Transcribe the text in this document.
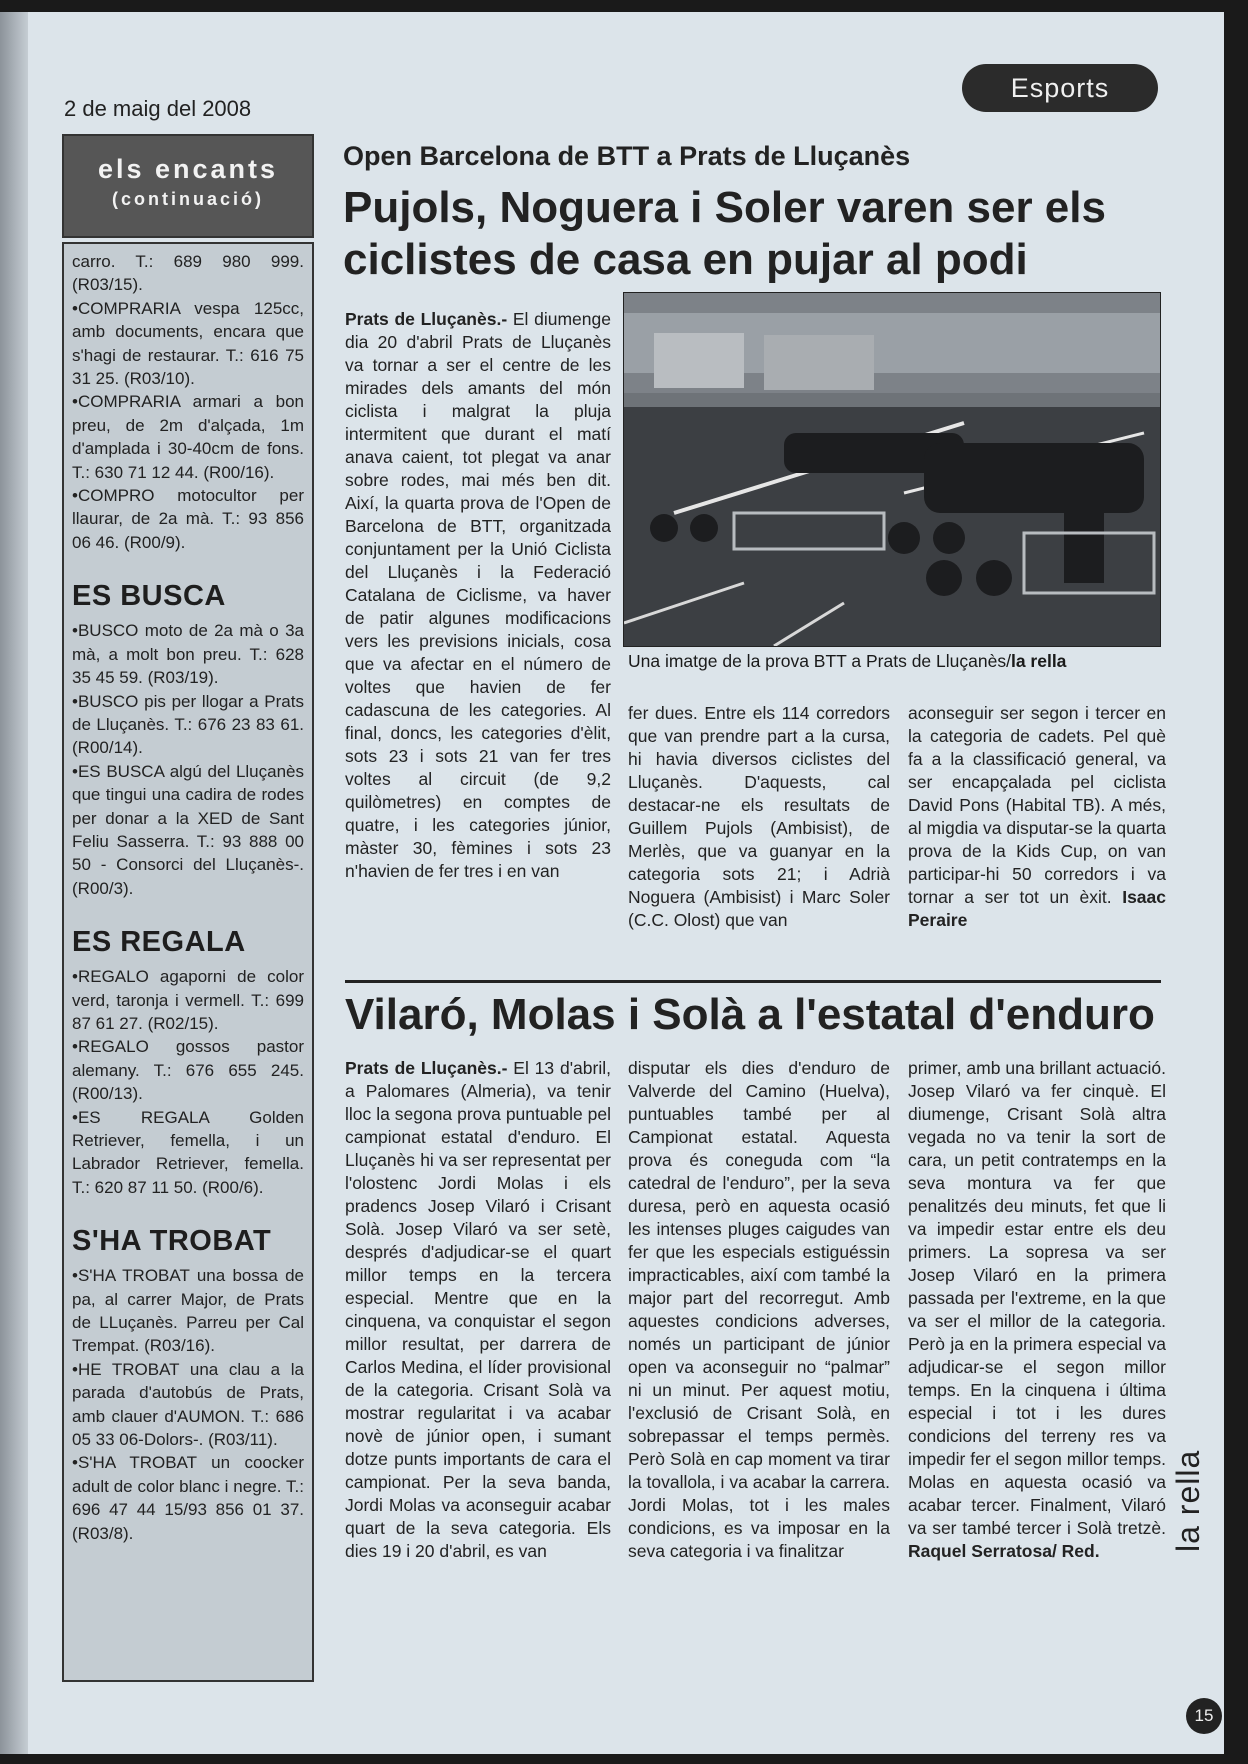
2 de maig del 2008
Esports
els encants
(continuació)

carro. T.: 689 980 999. (R03/15).

•COMPRARIA vespa 125cc, amb documents, encara que s'hagi de restaurar. T.: 616 75 31 25. (R03/10).

•COMPRARIA armari a bon preu, de 2m d'alçada, 1m d'amplada i 30-40cm de fons. T.: 630 71 12 44. (R00/16).

•COMPRO motocultor per llaurar, de 2a mà. T.: 93 856 06 46. (R00/9).

ES BUSCA

•BUSCO moto de 2a mà o 3a mà, a molt bon preu. T.: 628 35 45 59. (R03/19).

•BUSCO pis per llogar a Prats de Lluçanès. T.: 676 23 83 61. (R00/14).

•ES BUSCA algú del Lluçanès que tingui una cadira de rodes per donar a la XED de Sant Feliu Sasserra. T.: 93 888 00 50 - Consorci del Lluçanès-. (R00/3).

ES REGALA

•REGALO agaporni de color verd, taronja i vermell. T.: 699 87 61 27. (R02/15).

•REGALO gossos pastor alemany. T.: 676 655 245. (R00/13).

•ES REGALA Golden Retriever, femella, i un Labrador Retriever, femella. T.: 620 87 11 50. (R00/6).

S'HA TROBAT

•S'HA TROBAT una bossa de pa, al carrer Major, de Prats de LLuçanès. Parreu per Cal Trempat. (R03/16).

•HE TROBAT una clau a la parada d'autobús de Prats, amb clauer d'AUMON. T.: 686 05 33 06-Dolors-. (R03/11).

•S'HA TROBAT un coocker adult de color blanc i negre. T.: 696 47 44 15/93 856 01 37. (R03/8).

Open Barcelona de BTT a Prats de Lluçanès
Pujols, Noguera i Soler varen ser els ciclistes de casa en pujar al podi
Prats de Lluçanès.- El diumenge dia 20 d'abril Prats de Lluçanès va tornar a ser el centre de les mirades dels amants del món ciclista i malgrat la pluja intermitent que durant el matí anava caient, tot plegat va anar sobre rodes, mai més ben dit. Així, la quarta prova de l'Open de Barcelona de BTT, organitzada conjuntament per la Unió Ciclista del Lluçanès i la Federació Catalana de Ciclisme, va haver de patir algunes modificacions vers les previsions inicials, cosa que va afectar en el número de voltes que havien de fer cadascuna de les categories. Al final, doncs, les categories d'èlit, sots 23 i sots 21 van fer tres voltes al circuit (de 9,2 quilòmetres) en comptes de quatre, i les categories júnior, màster 30, fèmines i sots 23 n'havien de fer tres i en van
Una imatge de la prova BTT a Prats de Lluçanès/la rella
fer dues. Entre els 114 corredors que van prendre part a la cursa, hi havia diversos ciclistes del Lluçanès. D'aquests, cal destacar-ne els resultats de Guillem Pujols (Ambisist), de Merlès, que va guanyar en la categoria sots 21; i Adrià Noguera (Ambisist) i Marc Soler (C.C. Olost) que van
aconseguir ser segon i tercer en la categoria de cadets. Pel què fa a la classificació general, va ser encapçalada pel ciclista David Pons (Habital TB). A més, al migdia va disputar-se la quarta prova de la Kids Cup, on van participar-hi 50 corredors i va tornar a ser tot un èxit. Isaac Peraire
Vilaró, Molas i Solà a l'estatal d'enduro
Prats de Lluçanès.- El 13 d'abril, a Palomares (Almeria), va tenir lloc la segona prova puntuable pel campionat estatal d'enduro. El Lluçanès hi va ser representat per l'olostenc Jordi Molas i els pradencs Josep Vilaró i Crisant Solà. Josep Vilaró va ser setè, després d'adjudicar-se el quart millor temps en la tercera especial. Mentre que en la cinquena, va conquistar el segon millor resultat, per darrera de Carlos Medina, el líder provisional de la categoria. Crisant Solà va mostrar regularitat i va acabar novè de júnior open, i sumant dotze punts importants de cara el campionat. Per la seva banda, Jordi Molas va aconseguir acabar quart de la seva categoria. Els dies 19 i 20 d'abril, es van
disputar els dies d'enduro de Valverde del Camino (Huelva), puntuables també per al Campionat estatal. Aquesta prova és coneguda com “la catedral de l'enduro”, per la seva duresa, però en aquesta ocasió les intenses pluges caigudes van fer que les especials estiguéssin impracticables, així com també la major part del recorregut. Amb aquestes condicions adverses, només un participant de júnior open va aconseguir no “palmar” ni un minut. Per aquest motiu, l'exclusió de Crisant Solà, en sobrepassar el temps permès. Però Solà en cap moment va tirar la tovallola, i va acabar la carrera. Jordi Molas, tot i les males condicions, es va imposar en la seva categoria i va finalitzar
primer, amb una brillant actuació. Josep Vilaró va fer cinquè. El diumenge, Crisant Solà altra vegada no va tenir la sort de cara, un petit contratemps en la seva montura va fer que penalitzés deu minuts, fet que li va impedir estar entre els deu primers. La sopresa va ser Josep Vilaró en la primera passada per l'extreme, en la que va ser el millor de la categoria. Però ja en la primera especial va adjudicar-se el segon millor temps. En la cinquena i última especial i tot i les dures condicions del terreny res va impedir fer el segon millor temps. Molas en aquesta ocasió va acabar tercer. Finalment, Vilaró va ser també tercer i Solà tretzè. Raquel Serratosa/ Red.	la rella
15
